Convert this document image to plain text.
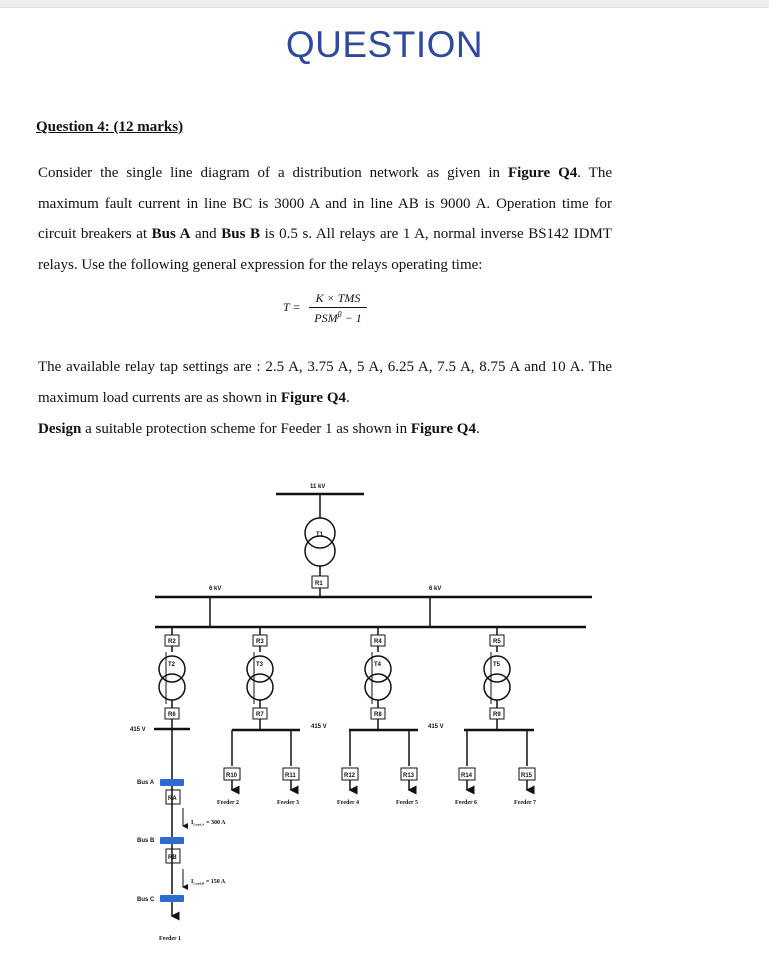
QUESTION
Question 4: (12 marks)
Consider the single line diagram of a distribution network as given in Figure Q4. The maximum fault current in line BC is 3000 A and in line AB is 9000 A. Operation time for circuit breakers at Bus A and Bus B is 0.5 s. All relays are 1 A, normal inverse BS142 IDMT relays. Use the following general expression for the relays operating time:
T =
K × TMS
$PSM^\beta - 1$
The available relay tap settings are : 2.5 A, 3.75 A, 5 A, 6.25 A, 7.5 A, 8.75 A and 10 A. The maximum load currents are as shown in Figure Q4.
Design a suitable protection scheme for Feeder 1 as shown in Figure Q4.
11 kV
T1
R1
6 kV	6 kV
R2
T2
R6
R3
T3
R7
R4
T4
R8
R5
T5
R9
415 V	415 V	415 V
R10	R11	R12	R13	R14	R15
RA
RB
Bus A
Bus B
Bus C
Feeder 1
Feeder 2	Feeder 3	Feeder 4	Feeder 5	Feeder 6	Feeder 7
$I_{Load,A} = 300$ A
$I_{Load,B} = 150$ A
